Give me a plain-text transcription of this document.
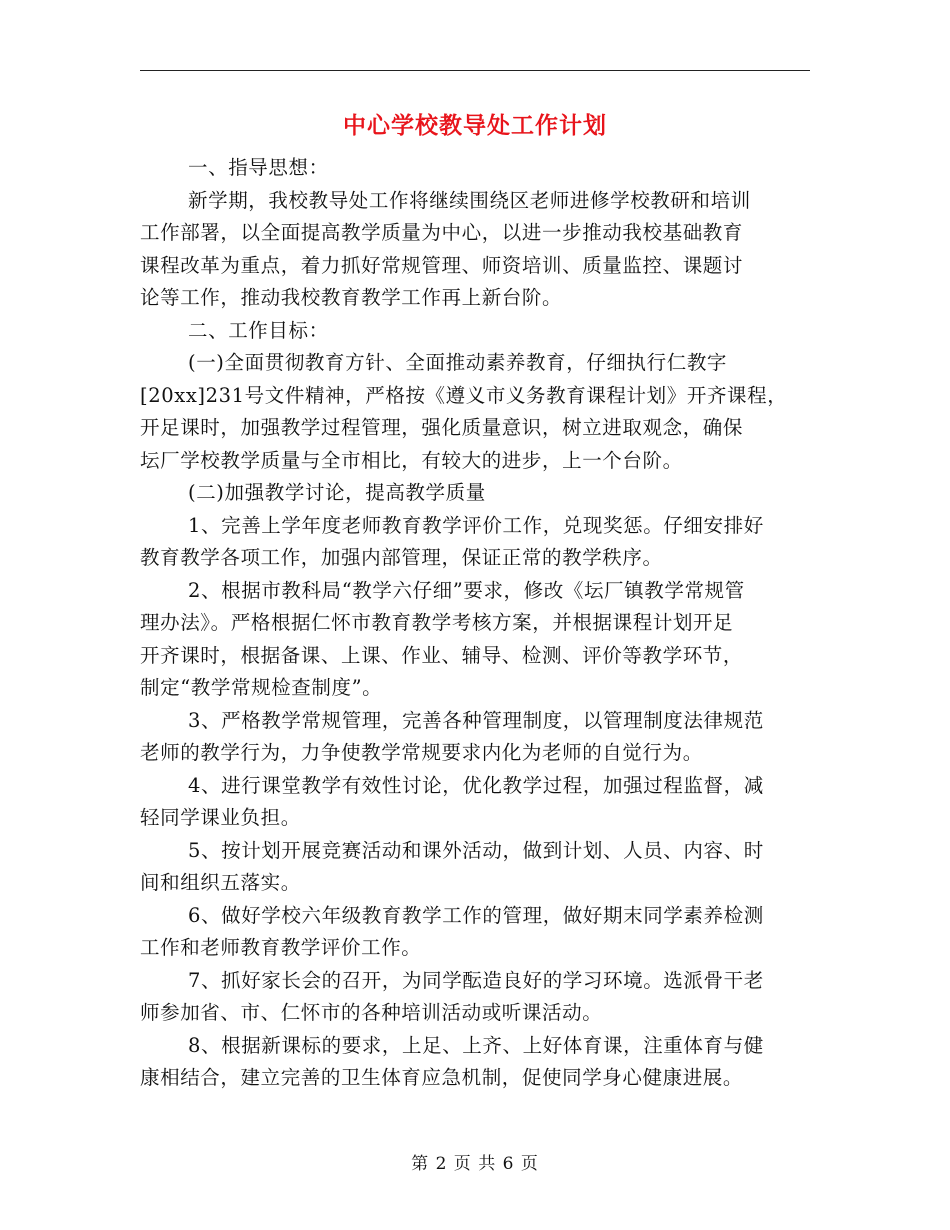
中心学校教导处工作计划
一、指导思想：
新学期，我校教导处工作将继续围绕区老师进修学校教研和培训
工作部署，以全面提高教学质量为中心，以进一步推动我校基础教育
课程改革为重点，着力抓好常规管理、师资培训、质量监控、课题讨
论等工作，推动我校教育教学工作再上新台阶。
二、工作目标：
(一)全面贯彻教育方针、全面推动素养教育，仔细执行仁教字
[20xx]231号文件精神，严格按《遵义市义务教育课程计划》开齐课程，
开足课时，加强教学过程管理，强化质量意识，树立进取观念，确保
坛厂学校教学质量与全市相比，有较大的进步，上一个台阶。
(二)加强教学讨论，提高教学质量
1、完善上学年度老师教育教学评价工作，兑现奖惩。仔细安排好
教育教学各项工作，加强内部管理，保证正常的教学秩序。
2、根据市教科局“教学六仔细”要求，修改《坛厂镇教学常规管
理办法》。严格根据仁怀市教育教学考核方案，并根据课程计划开足
开齐课时，根据备课、上课、作业、辅导、检测、评价等教学环节，
制定“教学常规检查制度”。
3、严格教学常规管理，完善各种管理制度，以管理制度法律规范
老师的教学行为，力争使教学常规要求内化为老师的自觉行为。
4、进行课堂教学有效性讨论，优化教学过程，加强过程监督，减
轻同学课业负担。
5、按计划开展竞赛活动和课外活动，做到计划、人员、内容、时
间和组织五落实。
6、做好学校六年级教育教学工作的管理，做好期末同学素养检测
工作和老师教育教学评价工作。
7、抓好家长会的召开，为同学酝造良好的学习环境。选派骨干老
师参加省、市、仁怀市的各种培训活动或听课活动。
8、根据新课标的要求，上足、上齐、上好体育课，注重体育与健
康相结合，建立完善的卫生体育应急机制，促使同学身心健康进展。
第 2 页 共 6 页
